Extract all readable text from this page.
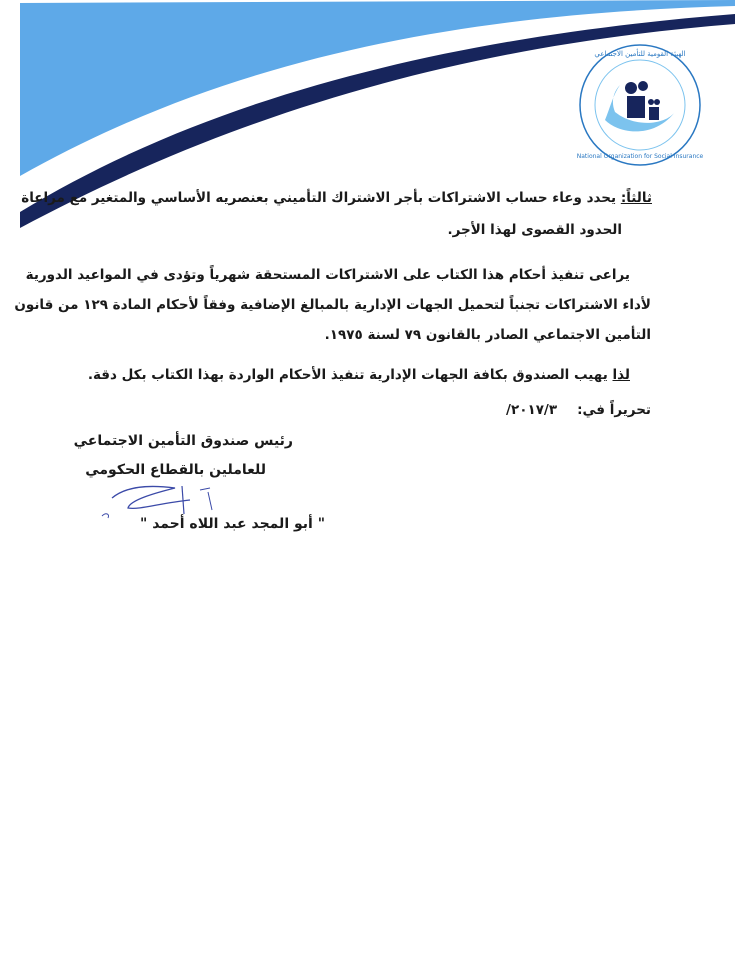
National Organization for Social Insurance
الهيئة القومية للتأمين الاجتماعي
ثالثاً: يحدد وعاء حساب الاشتراكات بأجر الاشتراك التأميني بعنصريه الأساسي والمتغير مع مراعاة
الحدود القصوى لهذا الأجر.
يراعى تنفيذ أحكام هذا الكتاب على الاشتراكات المستحقة شهرياً وتؤدى في المواعيد الدورية
لأداء الاشتراكات تجنباً لتحميل الجهات الإدارية بالمبالغ الإضافية وفقاً لأحكام المادة ١٢٩ من قانون
التأمين الاجتماعي الصادر بالقانون ٧٩ لسنة ١٩٧٥.
لذا يهيب الصندوق بكافة الجهات الإدارية تنفيذ الأحكام الواردة بهذا الكتاب بكل دقة.
تحريراً في:٢٠١٧/٣/
رئيس صندوق التأمين الاجتماعي
للعاملين بالقطاع الحكومي
" أبو المجد عبد اللاه أحمد "
